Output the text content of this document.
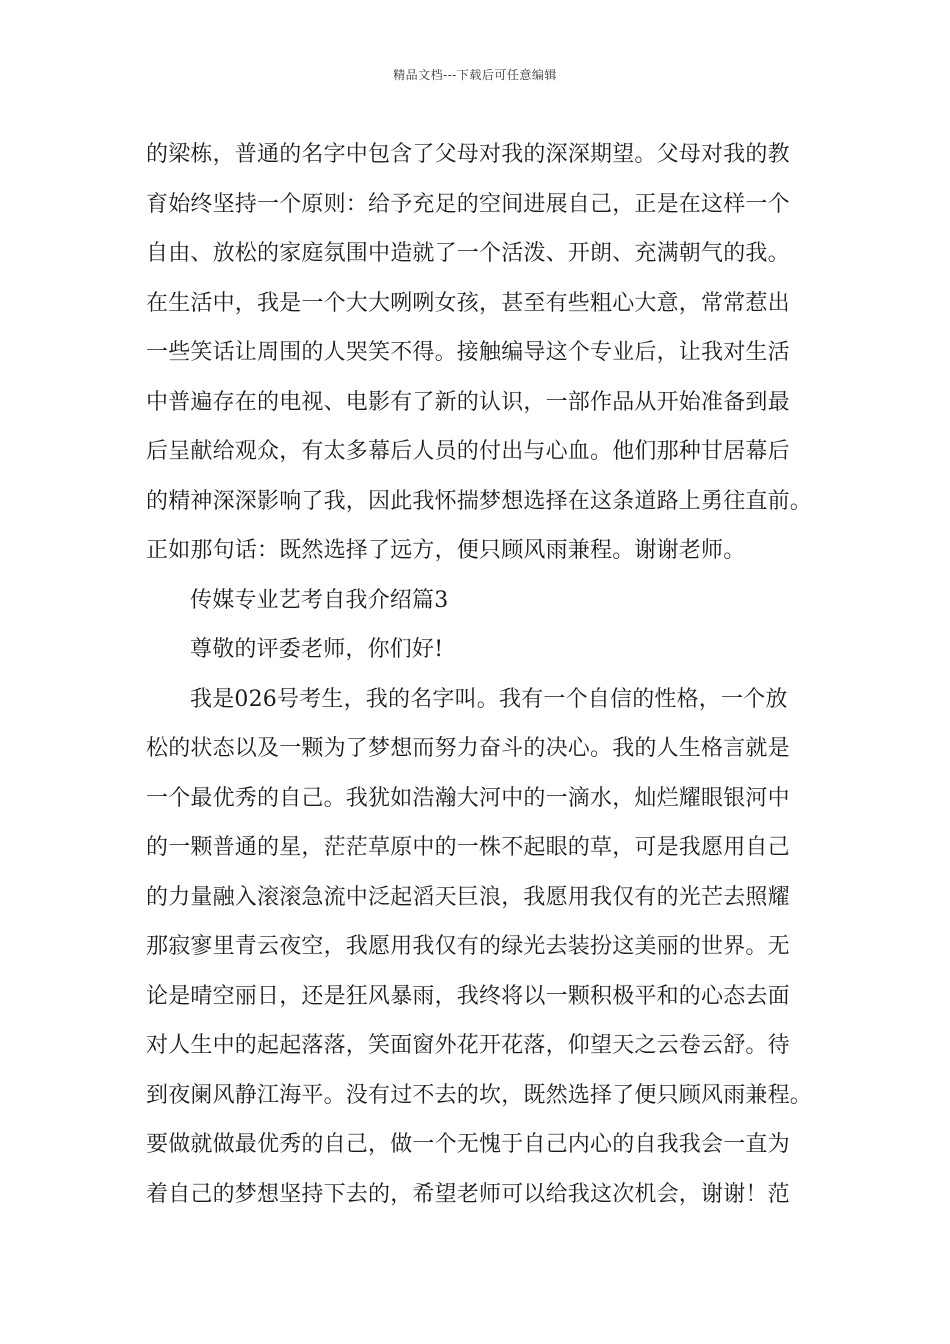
精品文档---下载后可任意编辑
的梁栋，普通的名字中包含了父母对我的深深期望。父母对我的教
育始终坚持一个原则：给予充足的空间进展自己，正是在这样一个
自由、放松的家庭氛围中造就了一个活泼、开朗、充满朝气的我。
在生活中，我是一个大大咧咧女孩，甚至有些粗心大意，常常惹出
一些笑话让周围的人哭笑不得。接触编导这个专业后，让我对生活
中普遍存在的电视、电影有了新的认识，一部作品从开始准备到最
后呈献给观众，有太多幕后人员的付出与心血。他们那种甘居幕后
的精神深深影响了我，因此我怀揣梦想选择在这条道路上勇往直前。
正如那句话：既然选择了远方，便只顾风雨兼程。谢谢老师。
传媒专业艺考自我介绍篇3
尊敬的评委老师，你们好!
我是026号考生，我的名字叫。我有一个自信的性格，一个放
松的状态以及一颗为了梦想而努力奋斗的决心。我的人生格言就是
一个最优秀的自己。我犹如浩瀚大河中的一滴水，灿烂耀眼银河中
的一颗普通的星，茫茫草原中的一株不起眼的草，可是我愿用自己
的力量融入滚滚急流中泛起滔天巨浪，我愿用我仅有的光芒去照耀
那寂寥里青云夜空，我愿用我仅有的绿光去装扮这美丽的世界。无
论是晴空丽日，还是狂风暴雨，我终将以一颗积极平和的心态去面
对人生中的起起落落，笑面窗外花开花落，仰望天之云卷云舒。待
到夜阑风静江海平。没有过不去的坎，既然选择了便只顾风雨兼程。
要做就做最优秀的自己，做一个无愧于自己内心的自我我会一直为
着自己的梦想坚持下去的，希望老师可以给我这次机会，谢谢！范
